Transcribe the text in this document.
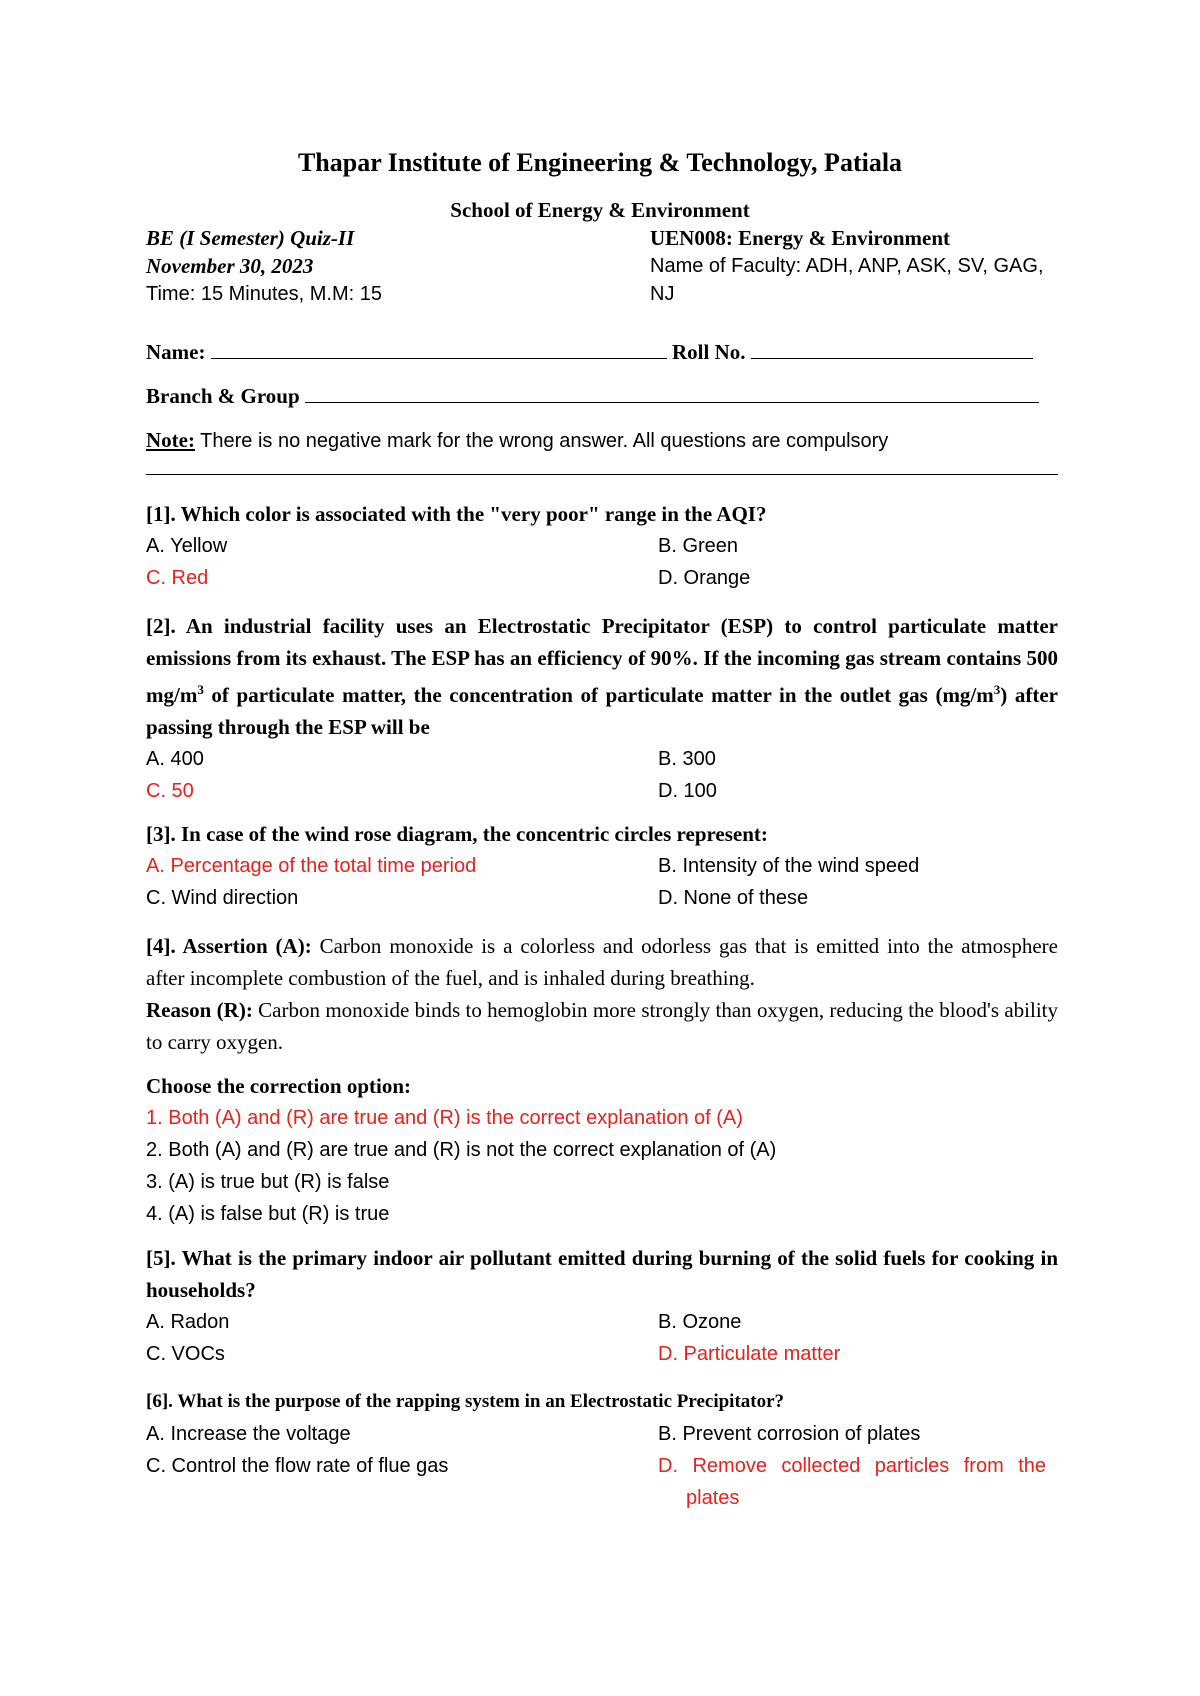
Thapar Institute of Engineering & Technology, Patiala
School of Energy & Environment
BE (I Semester) Quiz-II
November 30, 2023
Time: 15 Minutes, M.M: 15
UEN008: Energy & Environment
Name of Faculty: ADH, ANP, ASK, SV, GAG, NJ
Name:	Roll No.
Branch & Group
Note: There is no negative mark for the wrong answer. All questions are compulsory
[1]. Which color is associated with the "very poor" range in the AQI?
A. Yellow	B. Green
C. Red	D. Orange
[2]. An industrial facility uses an Electrostatic Precipitator (ESP) to control particulate matter emissions from its exhaust. The ESP has an efficiency of 90%. If the incoming gas stream contains 500 $mg/m^3$ of particulate matter, the concentration of particulate matter in the outlet gas $(mg/m^3)$ after passing through the ESP will be
A. 400	B. 300
C. 50	D. 100
[3]. In case of the wind rose diagram, the concentric circles represent:
A. Percentage of the total time period	B. Intensity of the wind speed
C. Wind direction	D. None of these
[4]. Assertion (A): Carbon monoxide is a colorless and odorless gas that is emitted into the atmosphere after incomplete combustion of the fuel, and is inhaled during breathing.
Reason (R): Carbon monoxide binds to hemoglobin more strongly than oxygen, reducing the blood's ability to carry oxygen.
Choose the correction option:
1. Both (A) and (R) are true and (R) is the correct explanation of (A)
2. Both (A) and (R) are true and (R) is not the correct explanation of (A)
3. (A) is true but (R) is false
4. (A) is false but (R) is true
[5]. What is the primary indoor air pollutant emitted during burning of the solid fuels for cooking in households?
A. Radon	B. Ozone
C. VOCs	D. Particulate matter
[6]. What is the purpose of the rapping system in an Electrostatic Precipitator?
A. Increase the voltage	B. Prevent corrosion of plates
C. Control the flow rate of flue gas	D. Remove collected particles from the plates
